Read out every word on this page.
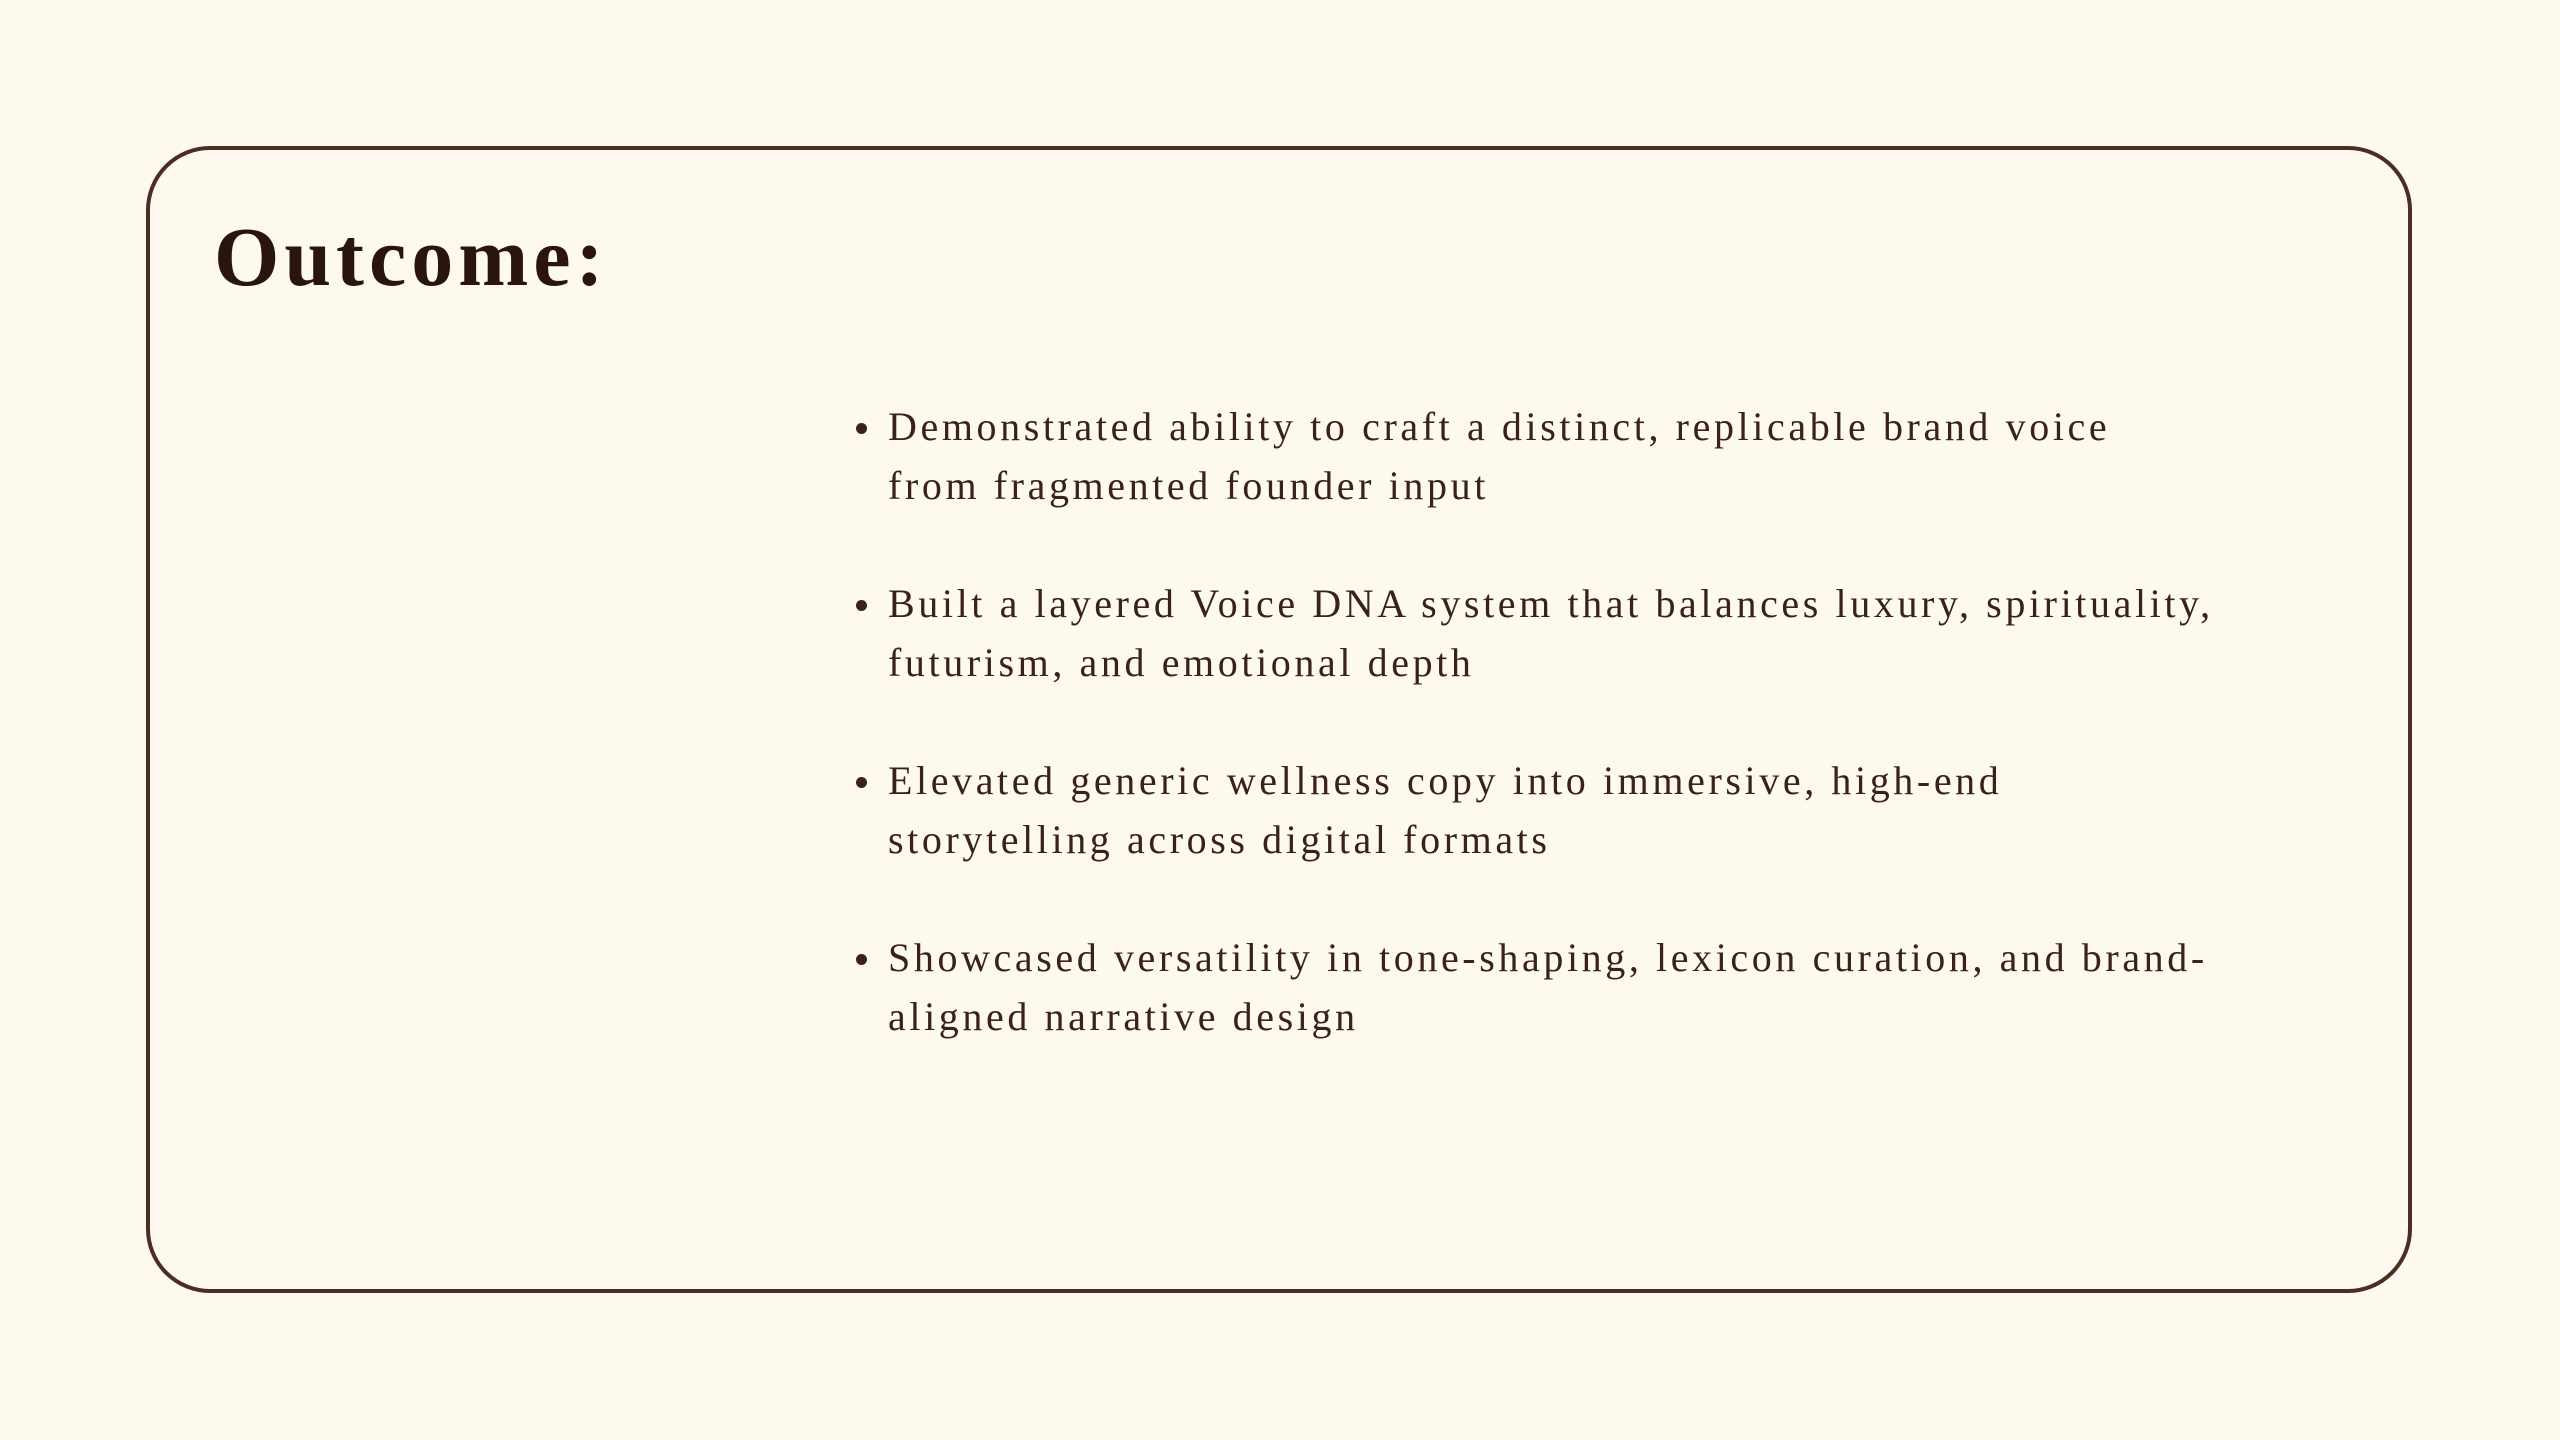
Outcome:
Demonstrated ability to craft a distinct, replicable brand voice
from fragmented founder input
Built a layered Voice DNA system that balances luxury, spirituality,
futurism, and emotional depth
Elevated generic wellness copy into immersive, high-end
storytelling across digital formats
Showcased versatility in tone-shaping, lexicon curation, and brand-
aligned narrative design
